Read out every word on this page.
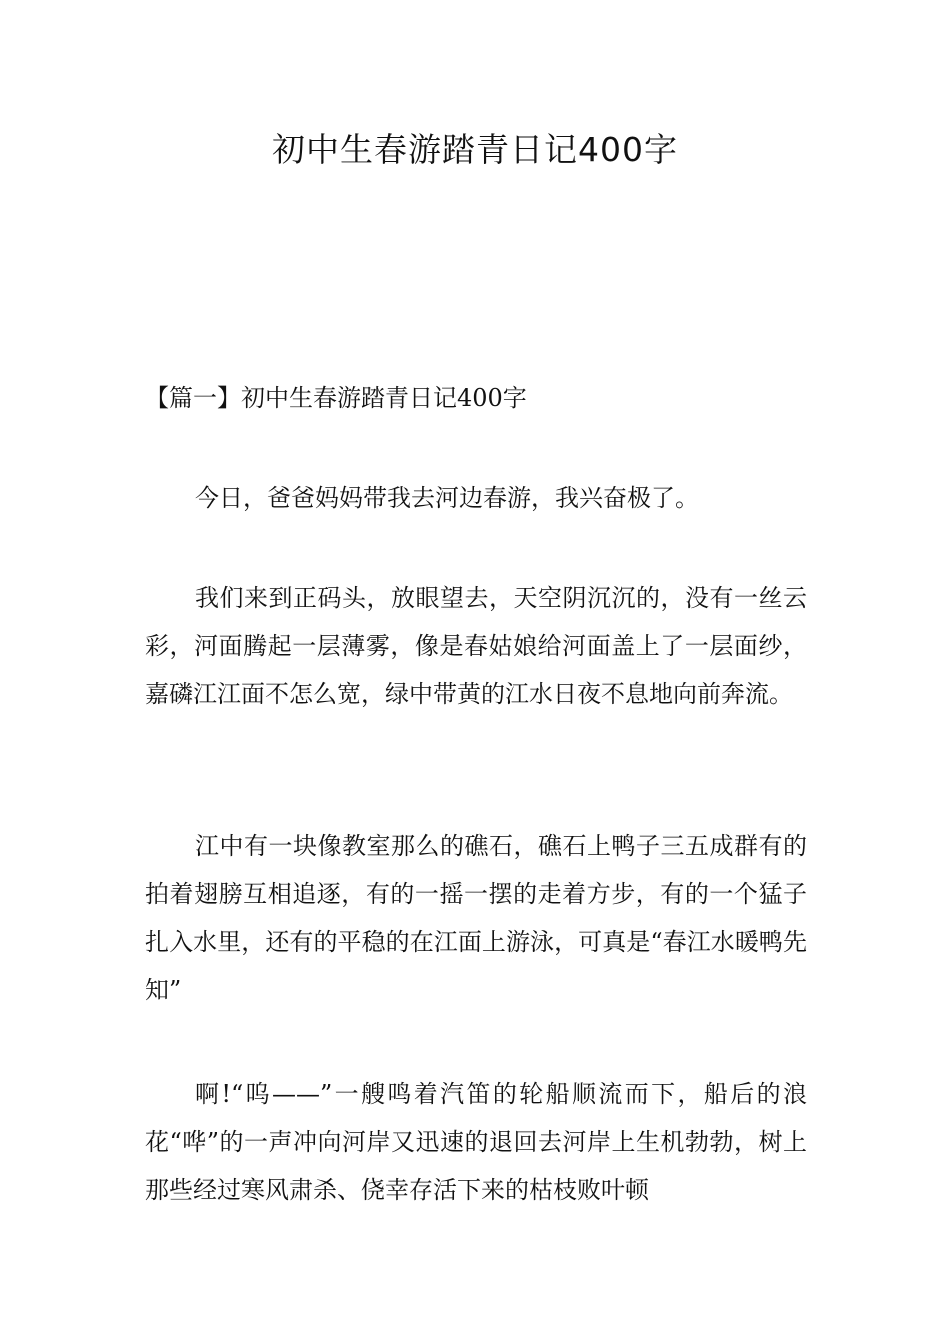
初中生春游踏青日记400字
【篇一】初中生春游踏青日记400字

今日，爸爸妈妈带我去河边春游，我兴奋极了。

我们来到正码头，放眼望去，天空阴沉沉的，没有一丝云彩，河面腾起一层薄雾，像是春姑娘给河面盖上了一层面纱，嘉磷江江面不怎么宽，绿中带黄的江水日夜不息地向前奔流。

江中有一块像教室那么的礁石，礁石上鸭子三五成群有的拍着翅膀互相追逐，有的一摇一摆的走着方步，有的一个猛子扎入水里，还有的平稳的在江面上游泳，可真是“春江水暖鸭先知”

啊!“呜——”一艘鸣着汽笛的轮船顺流而下，船后的浪花“哗”的一声冲向河岸又迅速的退回去河岸上生机勃勃，树上那些经过寒风肃杀、侥幸存活下来的枯枝败叶顿
